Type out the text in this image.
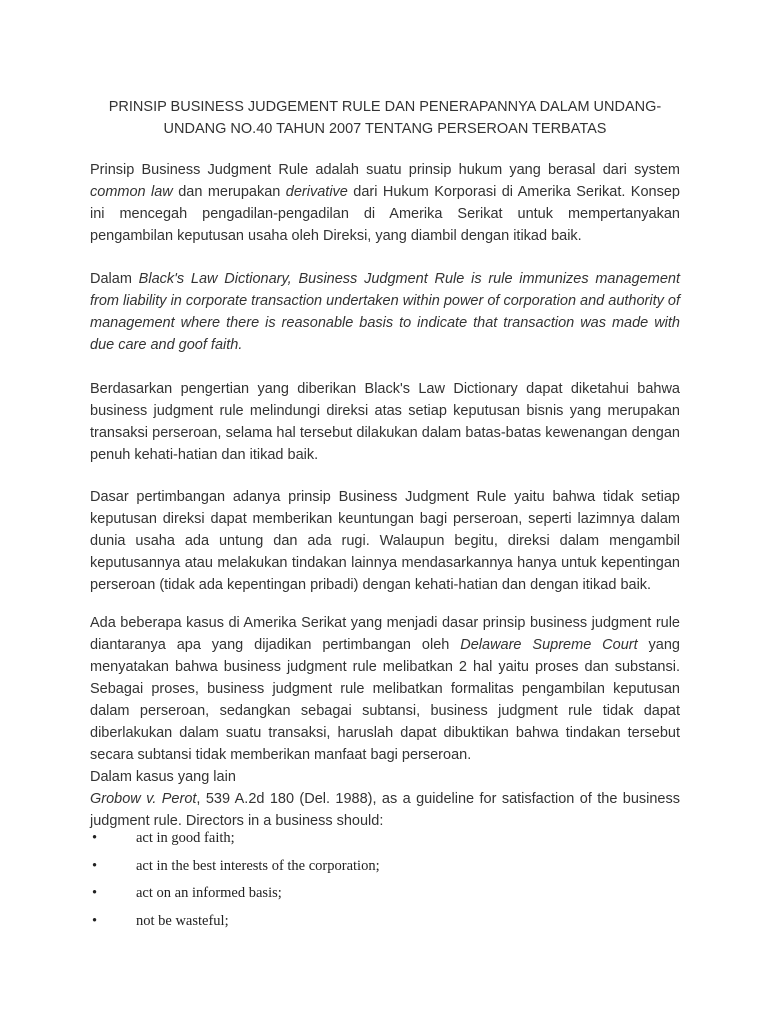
PRINSIP BUSINESS JUDGEMENT RULE DAN PENERAPANNYA DALAM UNDANG-
UNDANG NO.40 TAHUN 2007 TENTANG PERSEROAN TERBATAS

Prinsip Business Judgment Rule adalah suatu prinsip hukum yang berasal dari system common law dan merupakan derivative dari Hukum Korporasi di Amerika Serikat. Konsep ini mencegah pengadilan-pengadilan di Amerika Serikat untuk mempertanyakan pengambilan keputusan usaha oleh Direksi, yang diambil dengan itikad baik.

Dalam Black's Law Dictionary, Business Judgment Rule is rule immunizes management from liability in corporate transaction undertaken within power of corporation and authority of management where there is reasonable basis to indicate that transaction was made with due care and goof faith.

Berdasarkan pengertian yang diberikan Black's Law Dictionary dapat diketahui bahwa business judgment rule melindungi direksi atas setiap keputusan bisnis yang merupakan transaksi perseroan, selama hal tersebut dilakukan dalam batas-batas kewenangan dengan penuh kehati-hatian dan itikad baik.

Dasar pertimbangan adanya prinsip Business Judgment Rule yaitu bahwa tidak setiap keputusan direksi dapat memberikan keuntungan bagi perseroan, seperti lazimnya dalam dunia usaha ada untung dan ada rugi. Walaupun begitu, direksi dalam mengambil keputusannya atau melakukan tindakan lainnya mendasarkannya hanya untuk kepentingan perseroan (tidak ada kepentingan pribadi) dengan kehati-hatian dan dengan itikad baik.

Ada beberapa kasus di Amerika Serikat yang menjadi dasar prinsip business judgment rule diantaranya apa yang dijadikan pertimbangan oleh Delaware Supreme Court yang menyatakan bahwa business judgment rule melibatkan 2 hal yaitu proses dan substansi. Sebagai proses, business judgment rule melibatkan formalitas pengambilan keputusan dalam perseroan, sedangkan sebagai subtansi, business judgment rule tidak dapat diberlakukan dalam suatu transaksi, haruslah dapat dibuktikan bahwa tindakan tersebut secara subtansi tidak memberikan manfaat bagi perseroan.
Dalam kasus yang lain
Grobow v. Perot, 539 A.2d 180 (Del. 1988), as a guideline for satisfaction of the business judgment rule. Directors in a business should:

•	act in good faith;
•	act in the best interests of the corporation;
•	act on an informed basis;
•	not be wasteful;
